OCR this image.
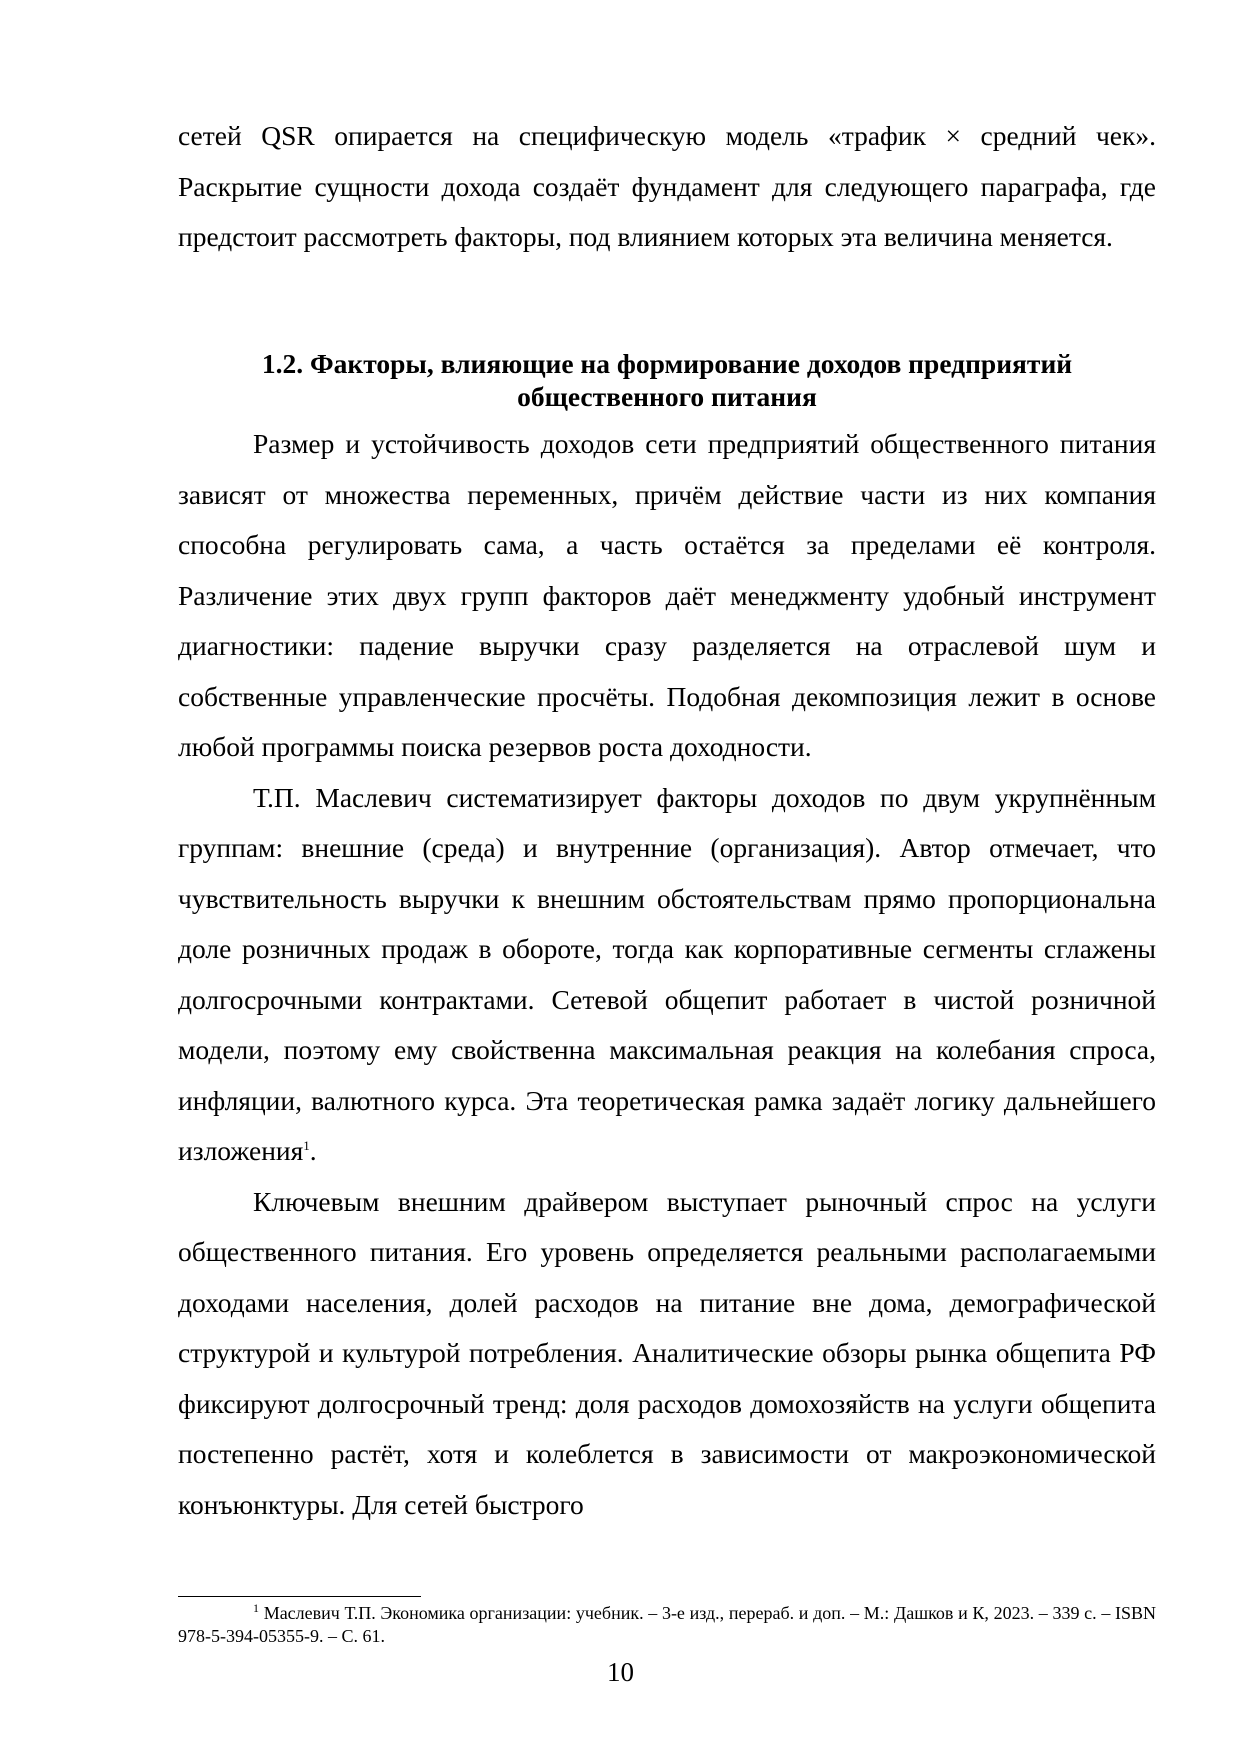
сетей QSR опирается на специфическую модель «трафик × средний чек». Раскрытие сущности дохода создаёт фундамент для следующего параграфа, где предстоит рассмотреть факторы, под влиянием которых эта величина меняется.

1.2. Факторы, влияющие на формирование доходов предприятий
общественного питания

Размер и устойчивость доходов сети предприятий общественного питания зависят от множества переменных, причём действие части из них компания способна регулировать сама, а часть остаётся за пределами её контроля. Различение этих двух групп факторов даёт менеджменту удобный инструмент диагностики: падение выручки сразу разделяется на отраслевой шум и собственные управленческие просчёты. Подобная декомпозиция лежит в основе любой программы поиска резервов роста доходности.

Т.П. Маслевич систематизирует факторы доходов по двум укрупнённым группам: внешние (среда) и внутренние (организация). Автор отмечает, что чувствительность выручки к внешним обстоятельствам прямо пропорциональна доле розничных продаж в обороте, тогда как корпоративные сегменты сглажены долгосрочными контрактами. Сетевой общепит работает в чистой розничной модели, поэтому ему свойственна максимальная реакция на колебания спроса, инфляции, валютного курса. Эта теоретическая рамка задаёт логику дальнейшего изложения$^1$.

Ключевым внешним драйвером выступает рыночный спрос на услуги общественного питания. Его уровень определяется реальными располагаемыми доходами населения, долей расходов на питание вне дома, демографической структурой и культурой потребления. Аналитические обзоры рынка общепита РФ фиксируют долгосрочный тренд: доля расходов домохозяйств на услуги общепита постепенно растёт, хотя и колеблется в зависимости от макроэкономической конъюнктуры. Для сетей быстрого

$^1$ Маслевич Т.П. Экономика организации: учебник. – 3-е изд., перераб. и доп. – М.: Дашков и К, 2023. – 339 с. – ISBN 978-5-394-05355-9. – С. 61.

10
